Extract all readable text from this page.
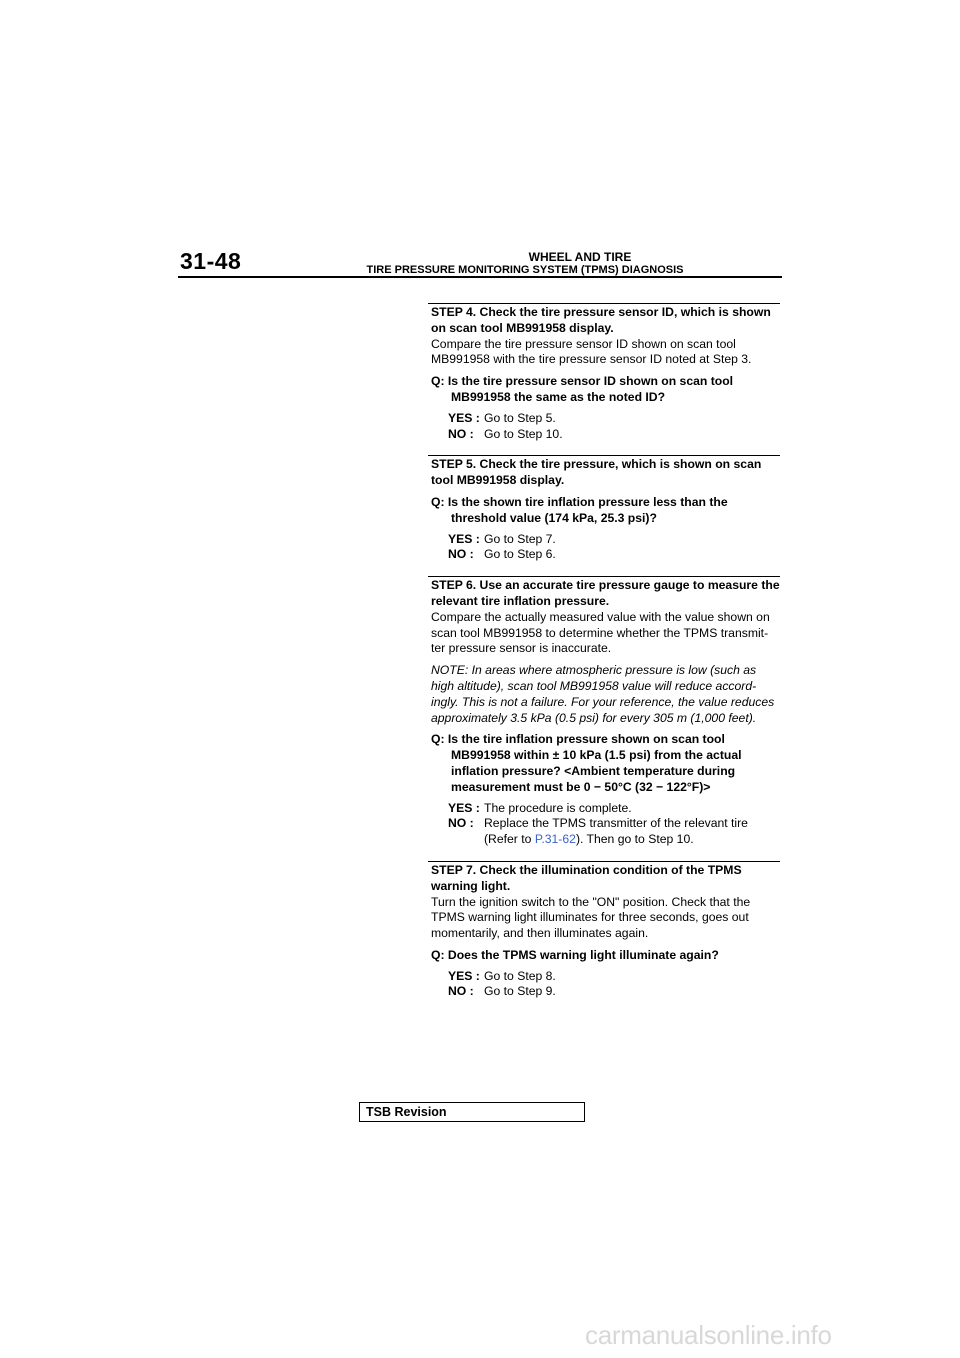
31-48	WHEEL AND TIRE
TIRE PRESSURE MONITORING SYSTEM (TPMS) DIAGNOSIS
STEP 4. Check the tire pressure sensor ID, which is shown on scan tool MB991958 display.
Compare the tire pressure sensor ID shown on scan tool MB991958 with the tire pressure sensor ID noted at Step 3.
Q: Is the tire pressure sensor ID shown on scan tool MB991958 the same as the noted ID?
YES : Go to Step 5.
NO : Go to Step 10.
STEP 5. Check the tire pressure, which is shown on scan tool MB991958 display.
Q: Is the shown tire inflation pressure less than the threshold value (174 kPa, 25.3 psi)?
YES : Go to Step 7.
NO : Go to Step 6.
STEP 6. Use an accurate tire pressure gauge to measure the relevant tire inflation pressure.
Compare the actually measured value with the value shown on scan tool MB991958 to determine whether the TPMS transmit-ter pressure sensor is inaccurate.
NOTE: In areas where atmospheric pressure is low (such as high altitude), scan tool MB991958 value will reduce accord-ingly. This is not a failure. For your reference, the value reduces approximately 3.5 kPa (0.5 psi) for every 305 m (1,000 feet).
Q: Is the tire inflation pressure shown on scan tool MB991958 within ± 10 kPa (1.5 psi) from the actual inflation pressure? <Ambient temperature during measurement must be 0 − 50°C (32 − 122°F)>
YES : The procedure is complete.
NO : Replace the TPMS transmitter of the relevant tire (Refer to P.31-62). Then go to Step 10.
STEP 7. Check the illumination condition of the TPMS warning light.
Turn the ignition switch to the "ON" position. Check that the TPMS warning light illuminates for three seconds, goes out momentarily, and then illuminates again.
Q: Does the TPMS warning light illuminate again?
YES : Go to Step 8.
NO : Go to Step 9.
TSB Revision
carmanualsonline.info
